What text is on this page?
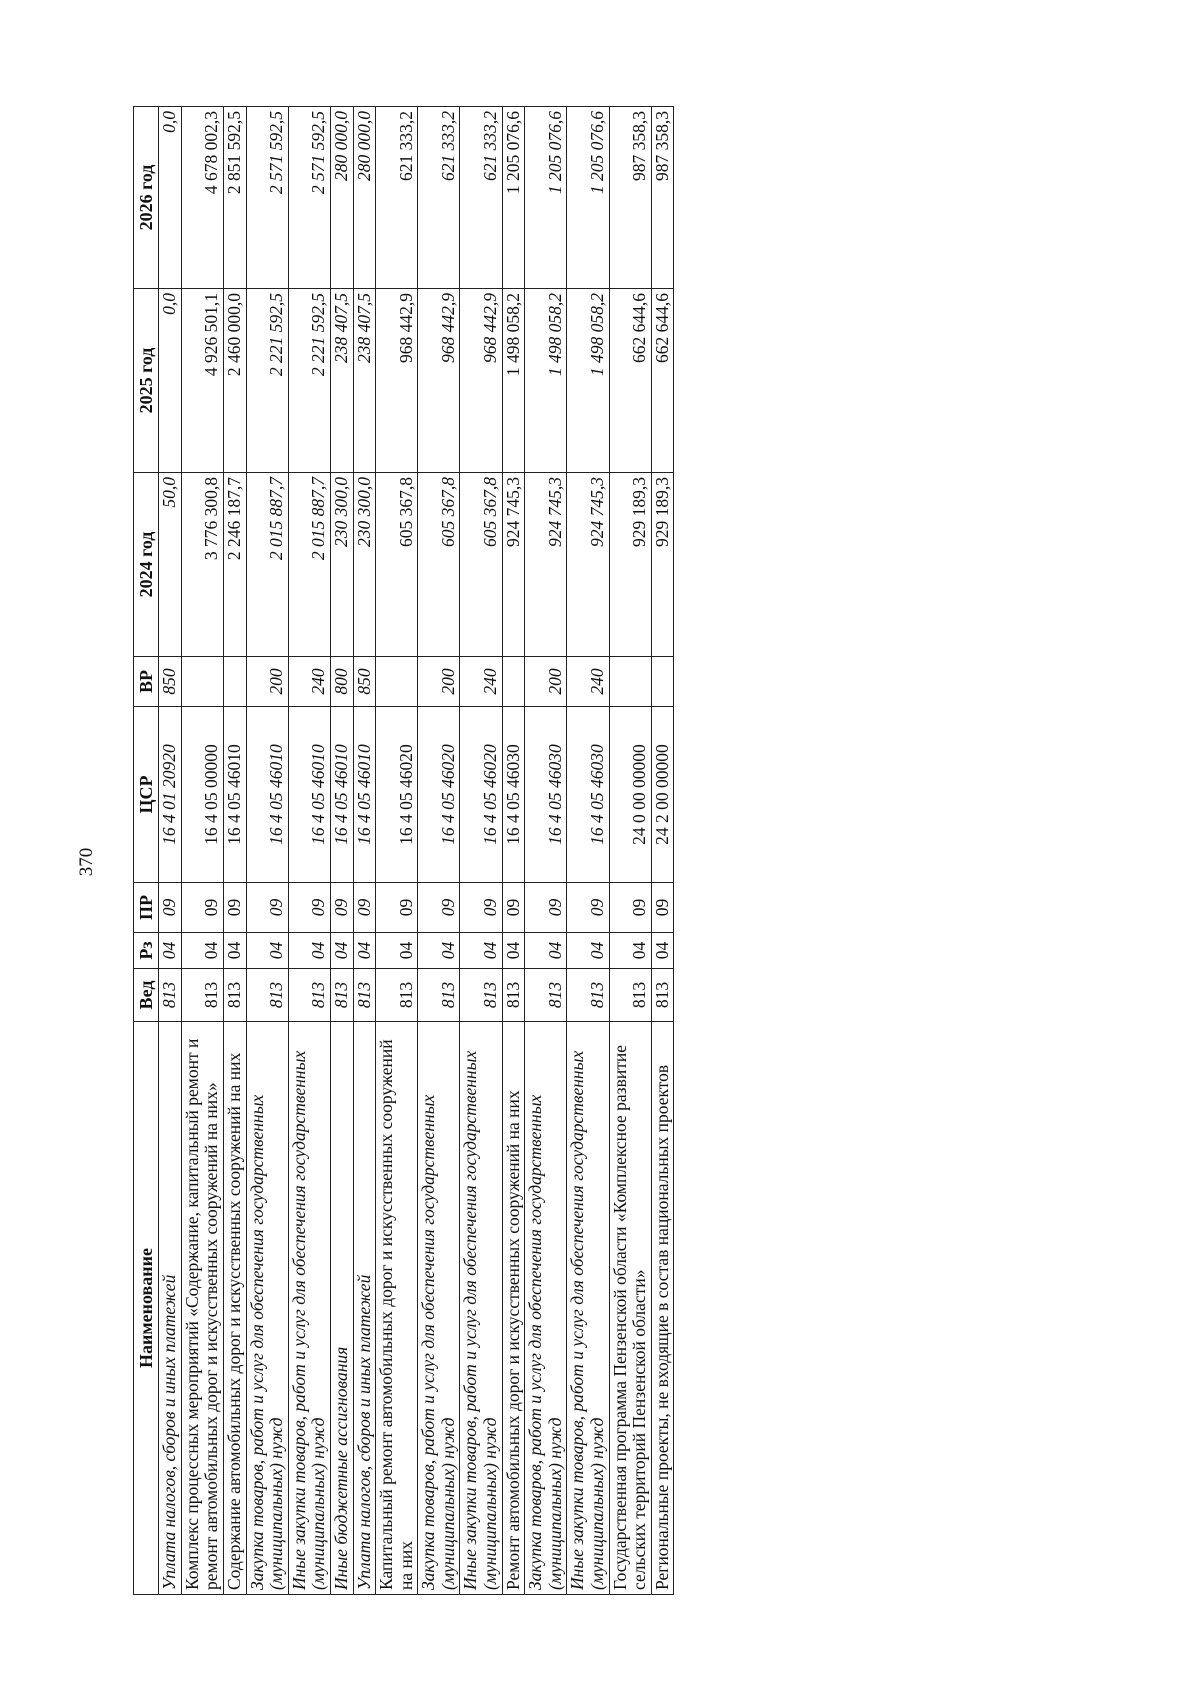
370
Наименование	Вед	Рз	ПР	ЦСР	ВР	2024 год	2025 год	2026 год
Уплата налогов, сборов и иных платежей	813	04	09	16 4 01 20920	850	50,0	0,0	0,0
Комплекс процессных мероприятий «Содержание, капитальный ремонт и ремонт автомобильных дорог и искусственных сооружений на них»	813	04	09	16 4 05 00000		3 776 300,8	4 926 501,1	4 678 002,3
Содержание автомобильных дорог и искусственных сооружений на них	813	04	09	16 4 05 46010		2 246 187,7	2 460 000,0	2 851 592,5
Закупка товаров, работ и услуг для обеспечения государственных (муниципальных) нужд	813	04	09	16 4 05 46010	200	2 015 887,7	2 221 592,5	2 571 592,5
Иные закупки товаров, работ и услуг для обеспечения государственных (муниципальных) нужд	813	04	09	16 4 05 46010	240	2 015 887,7	2 221 592,5	2 571 592,5
Иные бюджетные ассигнования	813	04	09	16 4 05 46010	800	230 300,0	238 407,5	280 000,0
Уплата налогов, сборов и иных платежей	813	04	09	16 4 05 46010	850	230 300,0	238 407,5	280 000,0
Капитальный ремонт автомобильных дорог и искусственных сооружений на них	813	04	09	16 4 05 46020		605 367,8	968 442,9	621 333,2
Закупка товаров, работ и услуг для обеспечения государственных (муниципальных) нужд	813	04	09	16 4 05 46020	200	605 367,8	968 442,9	621 333,2
Иные закупки товаров, работ и услуг для обеспечения государственных (муниципальных) нужд	813	04	09	16 4 05 46020	240	605 367,8	968 442,9	621 333,2
Ремонт автомобильных дорог и искусственных сооружений на них	813	04	09	16 4 05 46030		924 745,3	1 498 058,2	1 205 076,6
Закупка товаров, работ и услуг для обеспечения государственных (муниципальных) нужд	813	04	09	16 4 05 46030	200	924 745,3	1 498 058,2	1 205 076,6
Иные закупки товаров, работ и услуг для обеспечения государственных (муниципальных) нужд	813	04	09	16 4 05 46030	240	924 745,3	1 498 058,2	1 205 076,6
Государственная программа Пензенской области «Комплексное развитие сельских территорий Пензенской области»	813	04	09	24 0 00 00000		929 189,3	662 644,6	987 358,3
Региональные проекты, не входящие в состав национальных проектов	813	04	09	24 2 00 00000		929 189,3	662 644,6	987 358,3
